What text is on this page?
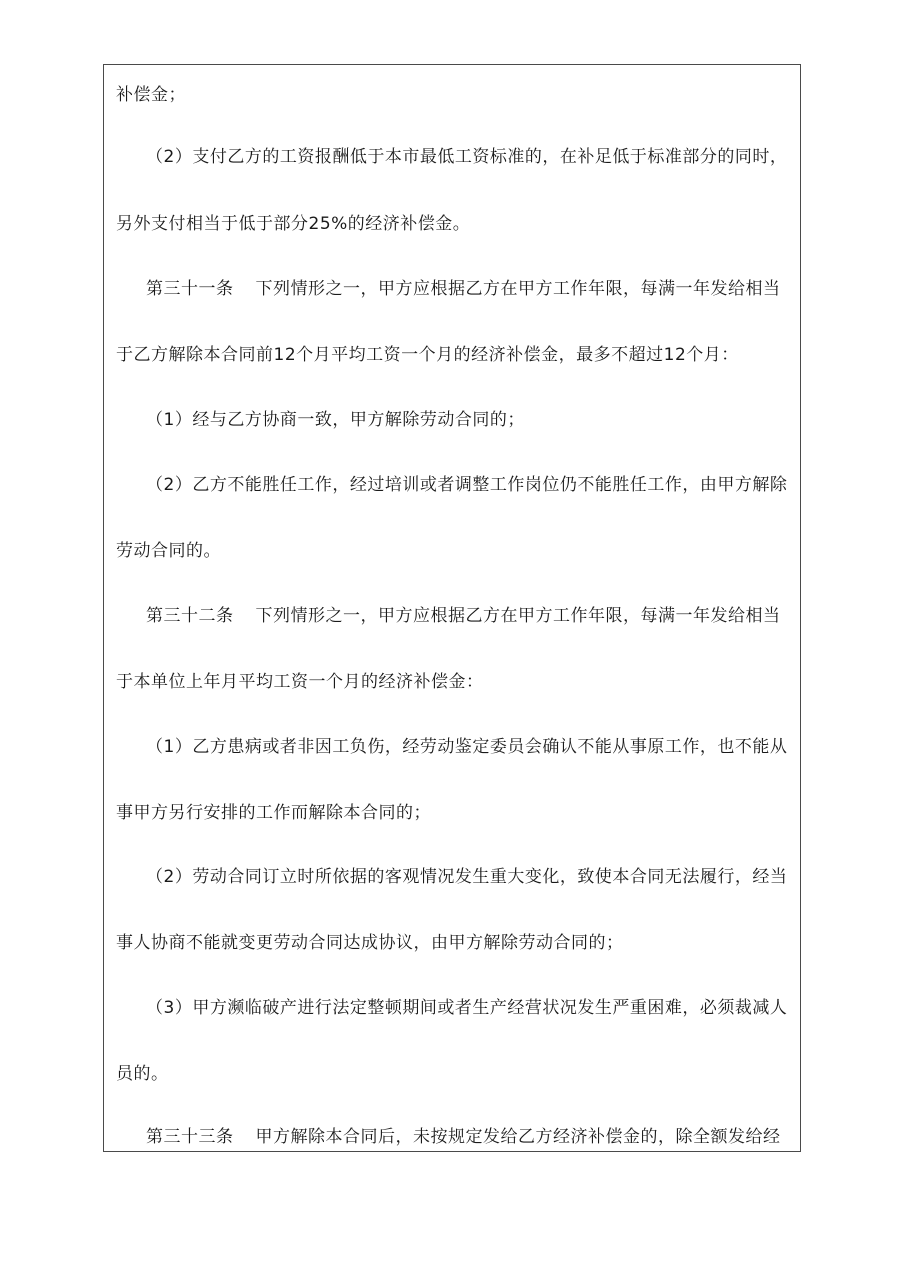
补偿金；
（2）支付乙方的工资报酬低于本市最低工资标准的，在补足低于标准部分的同时，
另外支付相当于低于部分25%的经济补偿金。
第三十一条 下列情形之一，甲方应根据乙方在甲方工作年限，每满一年发给相当
于乙方解除本合同前12个月平均工资一个月的经济补偿金，最多不超过12个月：
（1）经与乙方协商一致，甲方解除劳动合同的；
（2）乙方不能胜任工作，经过培训或者调整工作岗位仍不能胜任工作，由甲方解除
劳动合同的。
第三十二条 下列情形之一，甲方应根据乙方在甲方工作年限，每满一年发给相当
于本单位上年月平均工资一个月的经济补偿金：
（1）乙方患病或者非因工负伤，经劳动鉴定委员会确认不能从事原工作，也不能从
事甲方另行安排的工作而解除本合同的；
（2）劳动合同订立时所依据的客观情况发生重大变化，致使本合同无法履行，经当
事人协商不能就变更劳动合同达成协议，由甲方解除劳动合同的；
（3）甲方濒临破产进行法定整顿期间或者生产经营状况发生严重困难，必须裁减人
员的。
第三十三条 甲方解除本合同后，未按规定发给乙方经济补偿金的，除全额发给经
